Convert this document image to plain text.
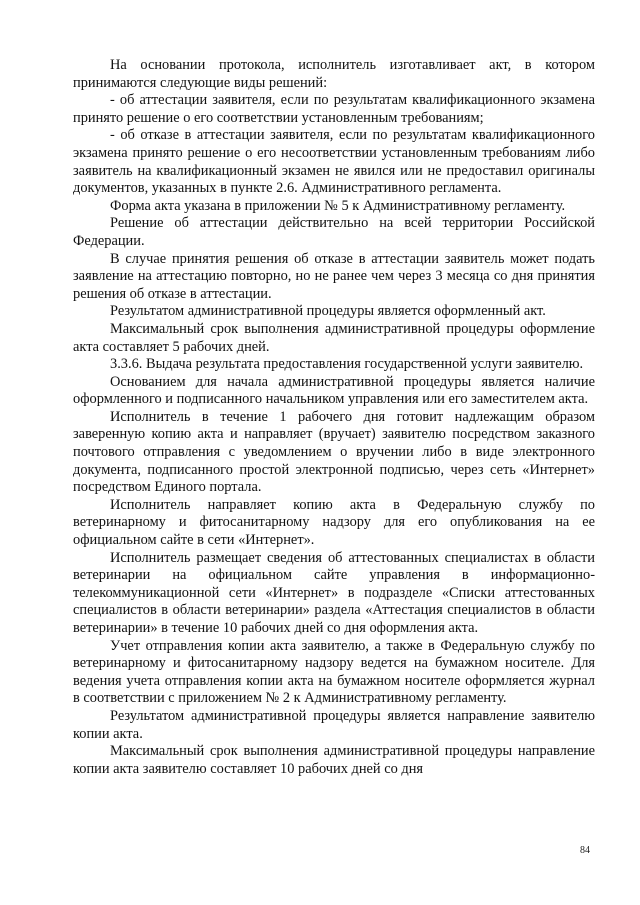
На основании протокола, исполнитель изготавливает акт, в котором принимаются следующие виды решений:

- об аттестации заявителя, если по результатам квалификационного экзамена принято решение о его соответствии установленным требованиям;

- об отказе в аттестации заявителя, если по результатам квалификационного экзамена принято решение о его несоответствии установленным требованиям либо заявитель на квалификационный экзамен не явился или не предоставил оригиналы документов, указанных в пункте 2.6. Административного регламента.

Форма акта указана в приложении № 5 к Административному регламенту.

Решение об аттестации действительно на всей территории Российской Федерации.

В случае принятия решения об отказе в аттестации заявитель может подать заявление на аттестацию повторно, но не ранее чем через 3 месяца со дня принятия решения об отказе в аттестации.

Результатом административной процедуры является оформленный акт.

Максимальный срок выполнения административной процедуры оформление акта составляет 5 рабочих дней.

3.3.6. Выдача результата предоставления государственной услуги заявителю.

Основанием для начала административной процедуры является наличие оформленного и подписанного начальником управления или его заместителем акта.

Исполнитель в течение 1 рабочего дня готовит надлежащим образом заверенную копию акта и направляет (вручает) заявителю посредством заказного почтового отправления с уведомлением о вручении либо в виде электронного документа, подписанного простой электронной подписью, через сеть «Интернет» посредством Единого портала.

Исполнитель направляет копию акта в Федеральную службу по ветеринарному и фитосанитарному надзору для его опубликования на ее официальном сайте в сети «Интернет».

Исполнитель размещает сведения об аттестованных специалистах в области ветеринарии на официальном сайте управления в информационно-телекоммуникационной сети «Интернет» в подразделе «Списки аттестованных специалистов в области ветеринарии» раздела «Аттестация специалистов в области ветеринарии» в течение 10 рабочих дней со дня оформления акта.

Учет отправления копии акта заявителю, а также в Федеральную службу по ветеринарному и фитосанитарному надзору ведется на бумажном носителе. Для ведения учета отправления копии акта на бумажном носителе оформляется журнал в соответствии с приложением № 2 к Административному регламенту.

Результатом административной процедуры является направление заявителю копии акта.

Максимальный срок выполнения административной процедуры направление копии акта заявителю составляет 10 рабочих дней со дня

84
